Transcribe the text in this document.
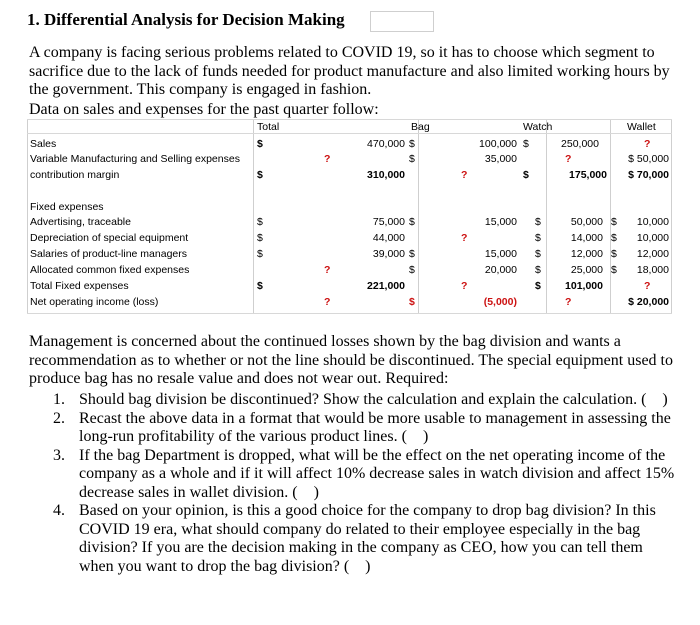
1. Differential Analysis for Decision Making
A company is facing serious problems related to COVID 19, so it has to choose which segment to sacrifice due to the lack of funds needed for product manufacture and also limited working hours by the government. This company is engaged in fashion.
Data on sales and expenses for the past quarter follow:
Total	Bag	Watch	Wallet
Sales	$	470,000 $	100,000 $	250,000	?
Variable Manufacturing and Selling expenses	?	$	35,000	?	$ 50,000
contribution margin	$	310,000	?	$	175,000	$ 70,000
Fixed expenses
Advertising, traceable	$	75,000 $	15,000 $	50,000 $	10,000
Depreciation of special equipment	$	44,000	?	$	14,000 $	10,000
Salaries of product-line managers	$	39,000 $	15,000 $	12,000 $	12,000
Allocated common fixed expenses	?	$	20,000 $	25,000 $	18,000
Total Fixed expenses	$	221,000	?	$	101,000	?
Net operating income (loss)	?	$	(5,000)	?	$ 20,000
Management is concerned about the continued losses shown by the bag division and wants a recommendation as to whether or not the line should be discontinued. The special equipment used to produce bag has no resale value and does not wear out. Required:
1. Should bag division be discontinued? Show the calculation and explain the calculation. ( )
2. Recast the above data in a format that would be more usable to management in assessing the long-run profitability of the various product lines. ( )
3. If the bag Department is dropped, what will be the effect on the net operating income of the company as a whole and if it will affect 10% decrease sales in watch division and affect 15% decrease sales in wallet division. ( )
4. Based on your opinion, is this a good choice for the company to drop bag division? In this COVID 19 era, what should company do related to their employee especially in the bag division? If you are the decision making in the company as CEO, how you can tell them when you want to drop the bag division? ( )
